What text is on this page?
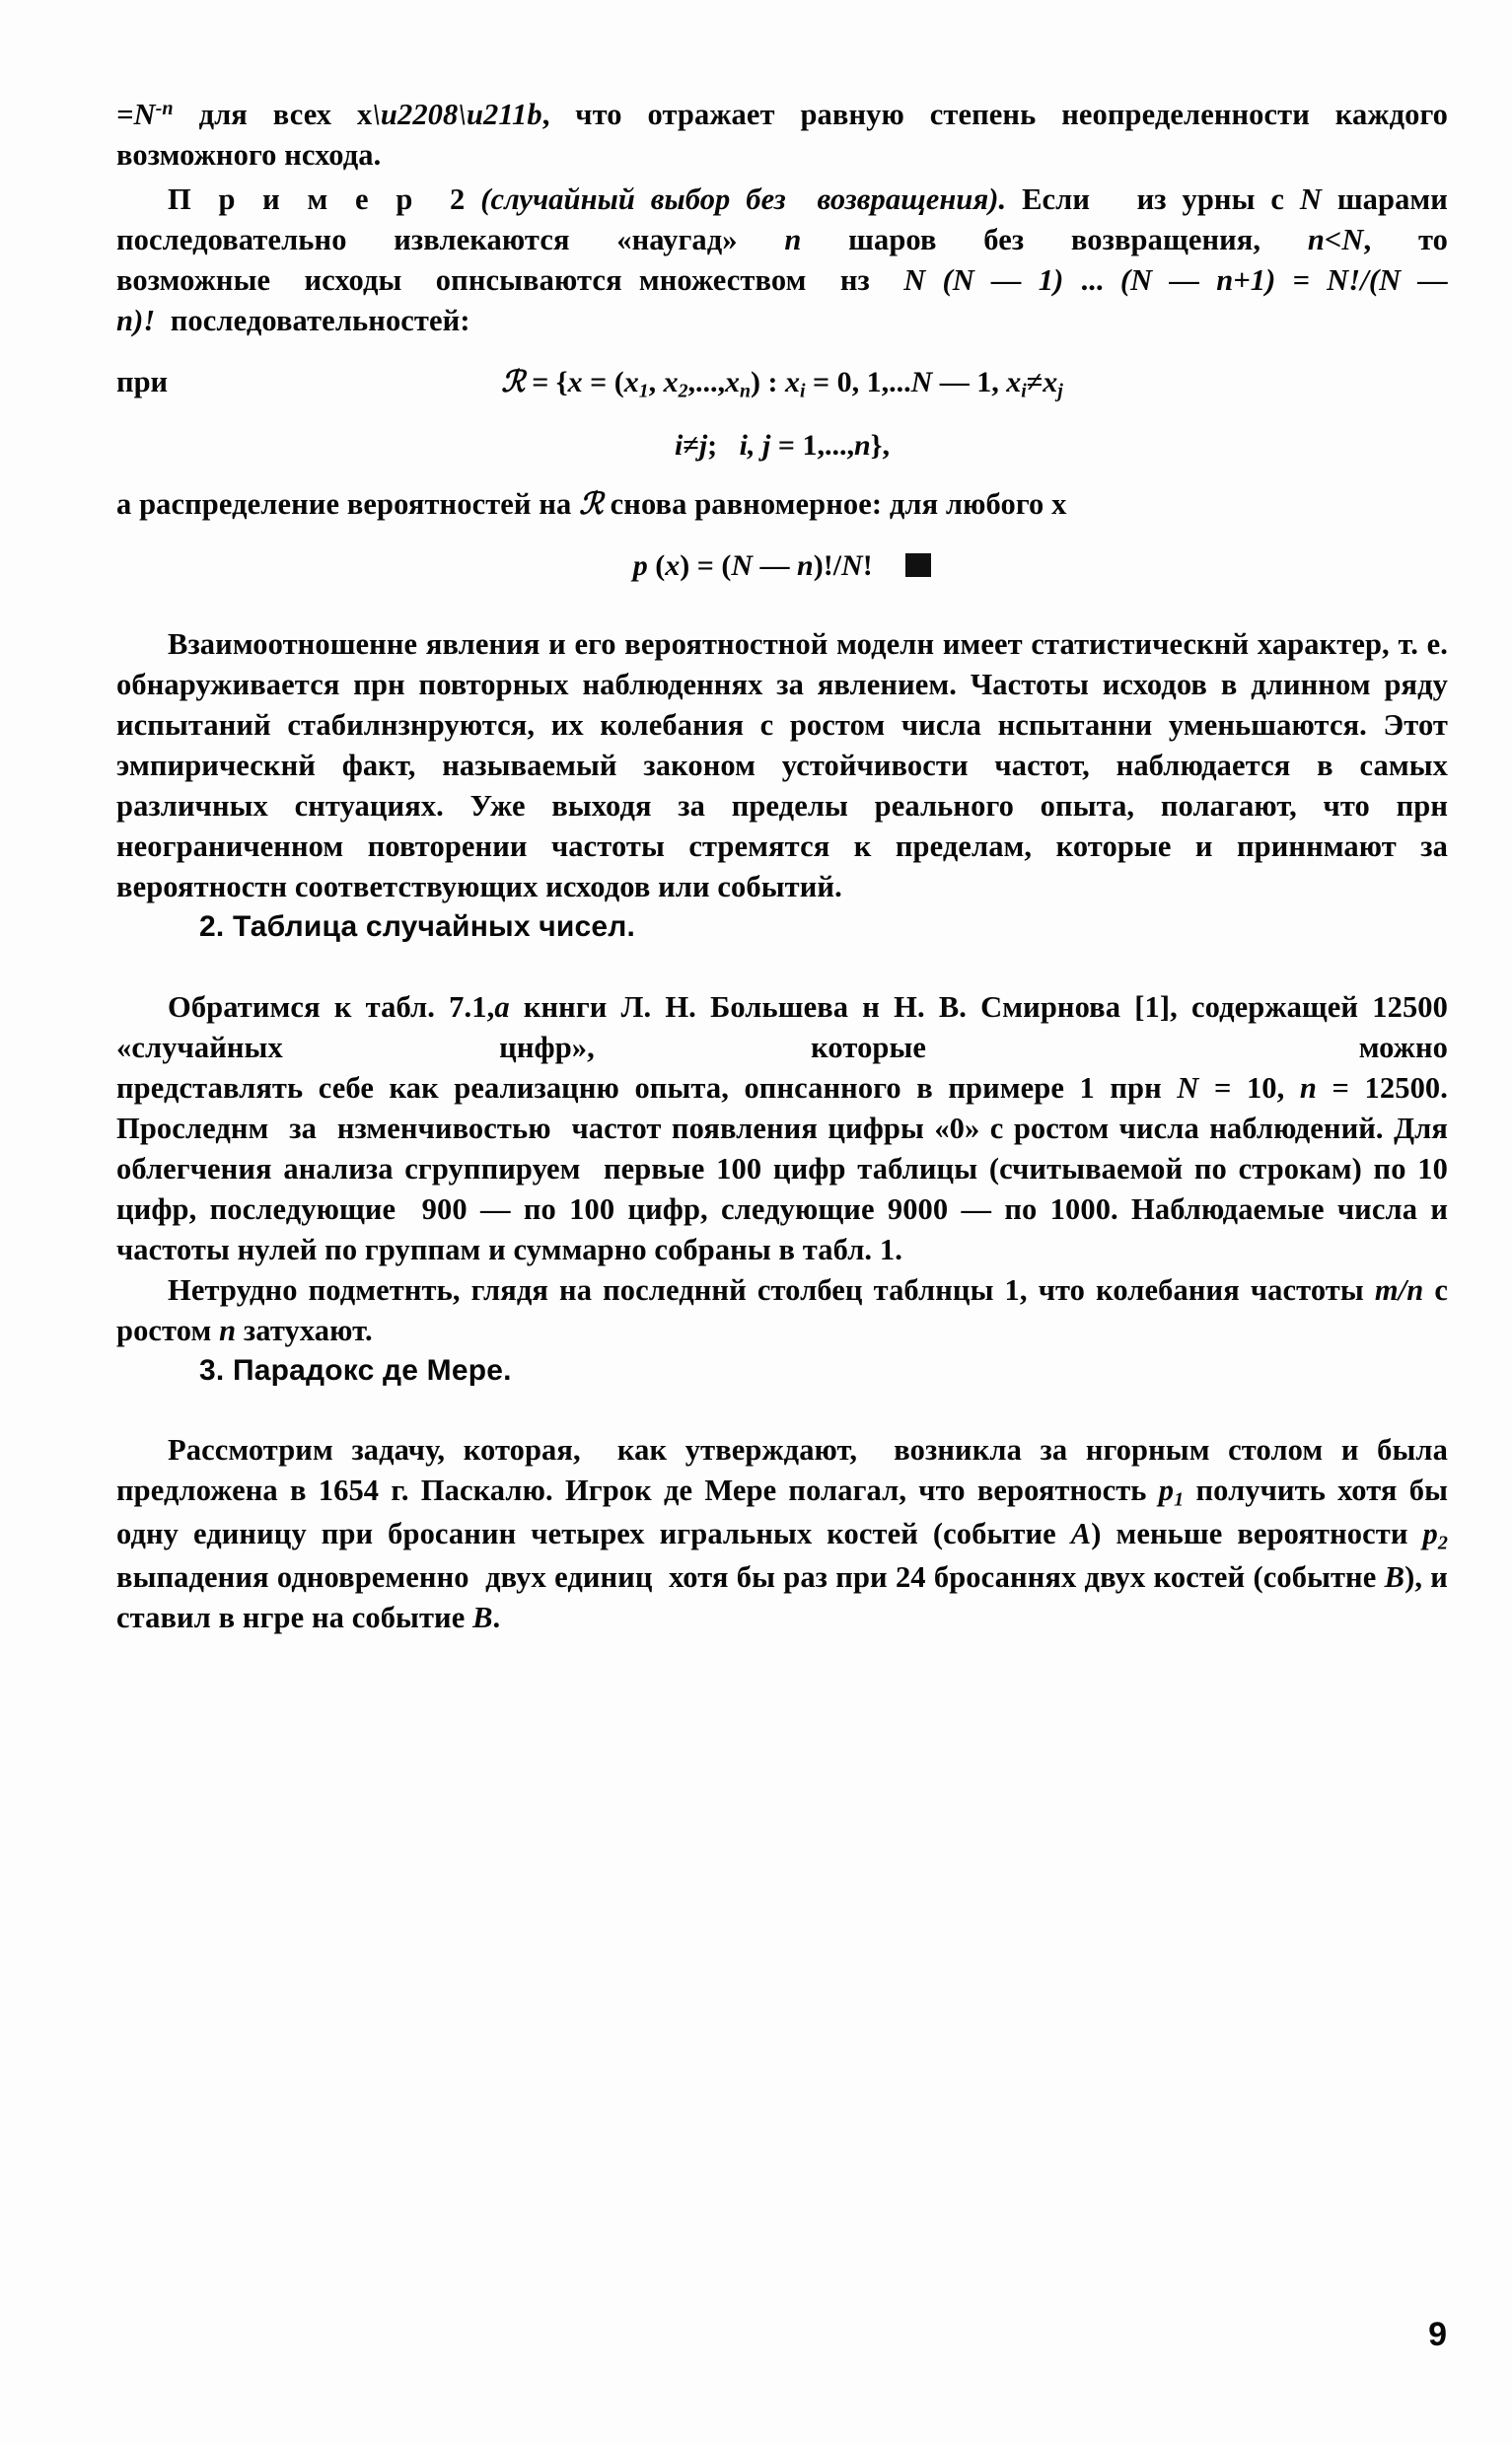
$=N^{-n}$ для всех x\u2208\u211b, что отражает равную степень неопределенности каждого возможного нсхода.

П р и м е р  2 (случайный выбор без  возвращения). Если   из урны с N шарами последовательно извлекаются «наугад» n шаров без возвращения, n<N, то возможные  исходы  опнсываются множеством  нз  N (N — 1) ... (N — n+1) = N!/(N — n)!  последовательностей:

при	ℛ = {$x = (x_1$, $x_2,...,x_n$) : $x_i = 0$, 1,...N — 1, $x_i\ne x_j$
i≠j;   i, j = 1,...,n},

а распределение вероятностей на ℛ снова равномерное: для любого x

p (x) = (N — n)!/N!

Взаимоотношенне явления и его вероятностной моделн имеет статистическнй характер, т. е. обнаруживается прн повторных наблюденнях за явлением. Частоты исходов в длинном ряду испытаний стабилнзнруются, их колебания с ростом числа нспытанни уменьшаются. Этот эмпирическнй факт, называемый законом устойчивости частот, наблюдается в самых различных снтуациях. Уже выходя за пределы реального опыта, полагают, что прн неограниченном повторении частоты стремятся к пределам, которые и приннмают за вероятностн соответствующих исходов или событий.

2. Таблица случайных чисел.

Обратимся к табл. 7.1,а кннги Л. Н. Большева н Н. В. Смирнова [1], содержащей 12500 «случайных цнфр», которые  можно представлять себе как реализацню опыта, опнсанного в примере 1 прн N = 10, n = 12500. Проследнм  за  нзменчивостью  частот появления цифры «0» с ростом числа наблюдений. Для облегчения анализа сгруппируем  первые 100 цифр таблицы (считываемой по строкам) по 10 цифр, последующие  900 — по 100 цифр, следующие 9000 — по 1000. Наблюдаемые числа и частоты нулей по группам и суммарно собраны в табл. 1.

Нетрудно подметнть, глядя на последннй столбец таблнцы 1, что колебания частоты m/n с ростом n затухают.

3. Парадокс де Мере.

Рассмотрим задачу, которая,  как утверждают,  возникла за нгорным столом и была предложена в 1654 г. Паскалю. Игрок де Мере полагал, что вероятность $p_1$ получить хотя бы одну единицу при бросанин четырех игральных костей (событие A) меньше вероятности $p_2$ выпадения одновременно  двух единиц  хотя бы раз при 24 бросаннях двух костей (событне B), и ставил в нгре на событие B.

9
